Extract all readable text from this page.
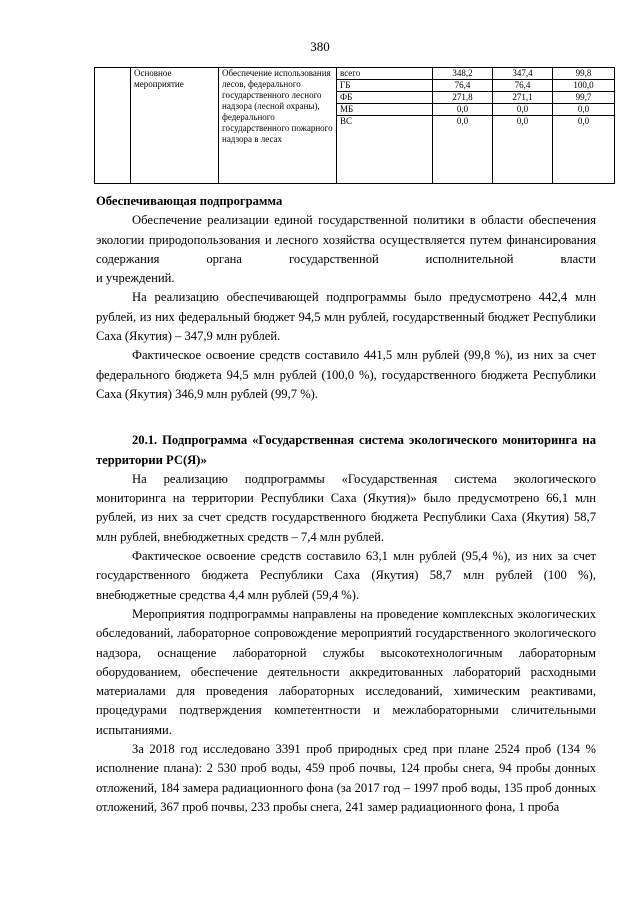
380
	Основное мероприятие	Обеспечение использования лесов, федерального государственного лесного надзора (лесной охраны), федерального государственного пожарного надзора в лесах	всего	348,2	347,4	99,8
			ГБ	76,4	76,4	100,0
			ФБ	271,8	271,1	99,7
			МБ	0,0	0,0	0,0
			ВС	0,0	0,0	0,0

Обеспечивающая подпрограмма

Обеспечение реализации единой государственной политики в области обеспечения экологии природопользования и лесного хозяйства осуществляется путем финансирования содержания органа государственной исполнительной власти

и учреждений.

На реализацию обеспечивающей подпрограммы было предусмотрено 442,4 млн рублей, из них федеральный бюджет 94,5 млн рублей, государственный бюджет Республики Саха (Якутия) – 347,9 млн рублей.

Фактическое освоение средств составило 441,5 млн рублей (99,8 %), из них за счет федерального бюджета 94,5 млн рублей (100,0 %), государственного бюджета Республики Саха (Якутия) 346,9 млн рублей (99,7 %).

20.1. Подпрограмма «Государственная система экологического мониторинга на территории РС(Я)»

На реализацию подпрограммы «Государственная система экологического мониторинга на территории Республики Саха (Якутия)» было предусмотрено 66,1 млн рублей, из них за счет средств государственного бюджета Республики Саха (Якутия) 58,7 млн рублей, внебюджетных средств – 7,4 млн рублей.

Фактическое освоение средств составило 63,1 млн рублей (95,4 %), из них за счет государственного бюджета Республики Саха (Якутия) 58,7 млн рублей (100 %), внебюджетные средства 4,4 млн рублей (59,4 %).

Мероприятия подпрограммы направлены на проведение комплексных экологических обследований, лабораторное сопровождение мероприятий государственного экологического надзора, оснащение лабораторной службы высокотехнологичным лабораторным оборудованием, обеспечение деятельности аккредитованных лабораторий расходными материалами для проведения лабораторных исследований, химическим реактивами, процедурами подтверждения компетентности и межлабораторными сличительными испытаниями.

За 2018 год исследовано 3391 проб природных сред при плане 2524 проб (134 % исполнение плана): 2 530 проб воды, 459 проб почвы, 124 пробы снега, 94 пробы донных отложений, 184 замера радиационного фона (за 2017 год – 1997 проб воды, 135 проб донных отложений, 367 проб почвы, 233 пробы снега, 241 замер радиационного фона, 1 проба
